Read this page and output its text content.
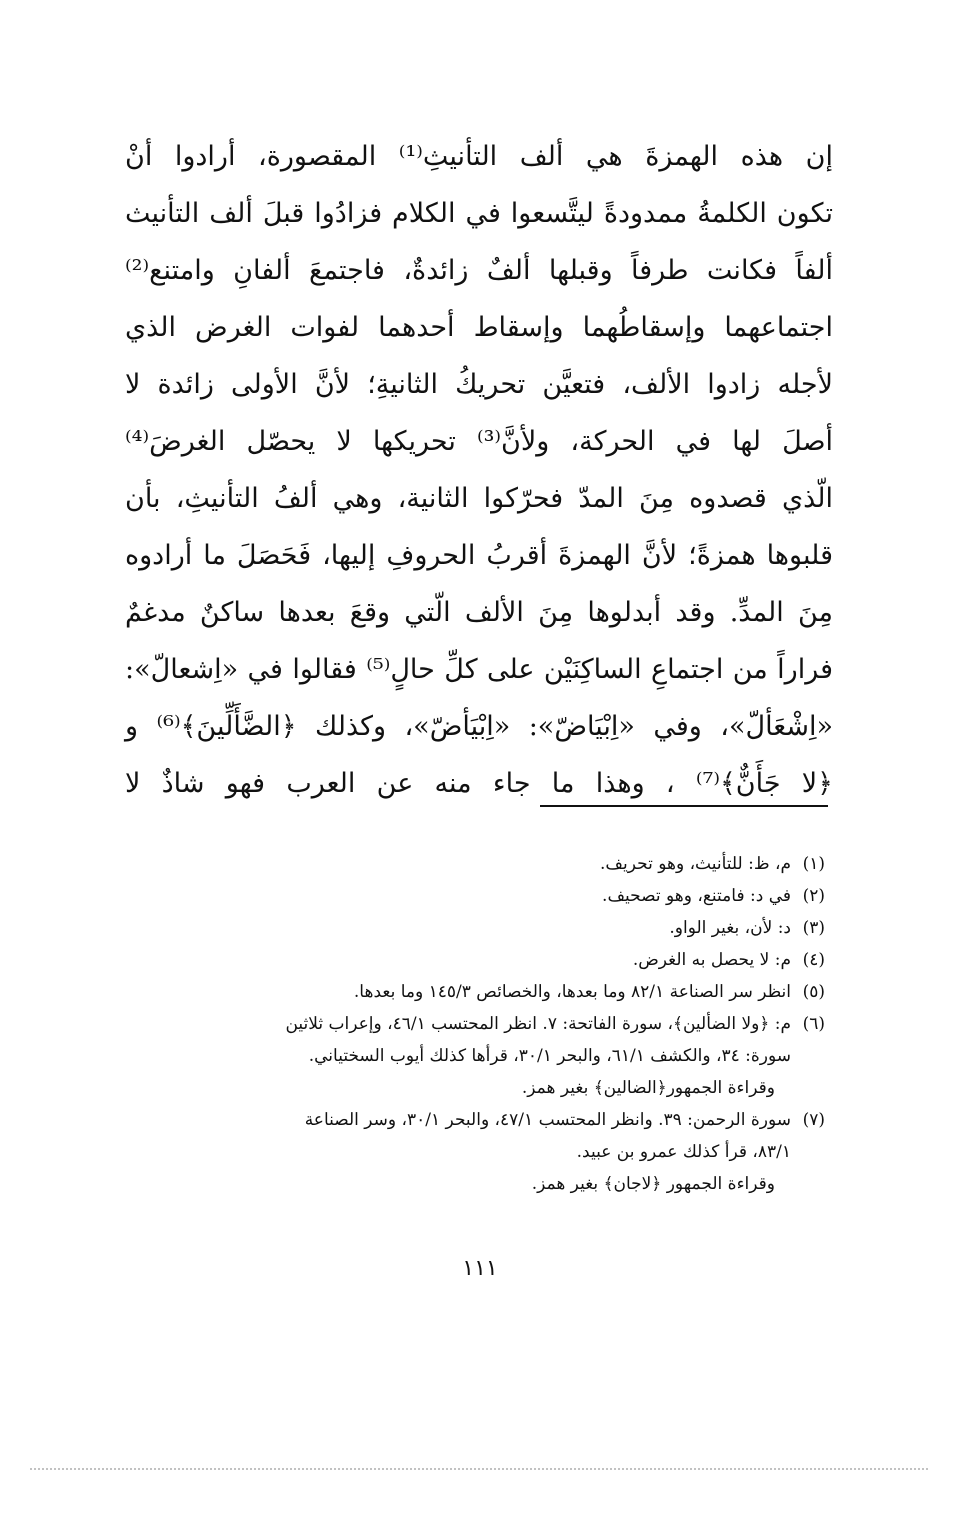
إن هذه الهمزةَ هي ألف التأنيثِ⁽¹⁾ المقصورة، أرادوا أنْ
تكون الكلمةُ ممدودةً ليتَّسعوا في الكلام فزادُوا قبلَ ألف التأنيث
ألفاً فكانت طرفاً وقبلها ألفٌ زائدةٌ، فاجتمعَ ألفانِ وامتنع⁽²⁾
اجتماعهما وإسقاطُهما وإسقاط أحدهما لفوات الغرض الذي
لأجله زادوا الألف، فتعيَّن تحريكُ الثانيةِ؛ لأنَّ الأولى زائدة لا
أصلَ لها في الحركة، ولأنَّ⁽³⁾ تحريكها لا يحصّل الغرضَ⁽⁴⁾
الّذي قصدوه مِنَ المدّ فحرّكوا الثانية، وهي ألفُ التأنيثِ، بأن
قلبوها همزةً؛ لأنَّ الهمزةَ أقربُ الحروفِ إليها، فَحَصَلَ ما أرادوه
مِنَ المدِّ. وقد أبدلوها مِنَ الألف الّتي وقعَ بعدها ساكنٌ مدغمٌ
فراراً من اجتماعِ الساكِنَيْن على كلِّ حالٍ⁽⁵⁾ فقالوا في «اِشعالّ»:
«اِشْعَألّ»، وفي «اِبْيَاضّ»: «اِبْيَأضّ»، وكذلك ﴿الضَّأَلِّينَ﴾⁽⁶⁾ و
﴿لا جَأَنٌّ﴾⁽⁷⁾ ، وهذا ما جاء منه عن العرب فهو شاذٌ لا
(١)
م، ظ: للتأنيث، وهو تحريف.
(٢)
في د: فامتنع، وهو تصحيف.
(٣)
د: لأن، بغير الواو.
(٤)
م: لا يحصل به الغرض.
(٥)
انظر سر الصناعة ٨٢/١ وما بعدها، والخصائص ١٤٥/٣ وما بعدها.
(٦)
م: ﴿ولا الضألين﴾، سورة الفاتحة: ٧. انظر المحتسب ٤٦/١، وإعراب ثلاثين
سورة: ٣٤، والكشف ٦١/١، والبحر ٣٠/١، قرأها كذلك أيوب السختياني.
وقراءة الجمهور﴿الضالين﴾ بغير همز.
(٧)
سورة الرحمن: ٣٩. وانظر المحتسب ٤٧/١، والبحر ٣٠/١، وسر الصناعة
٨٣/١، قرأ كذلك عمرو بن عبيد.
وقراءة الجمهور ﴿لاجان﴾ بغير همز.
١١١
